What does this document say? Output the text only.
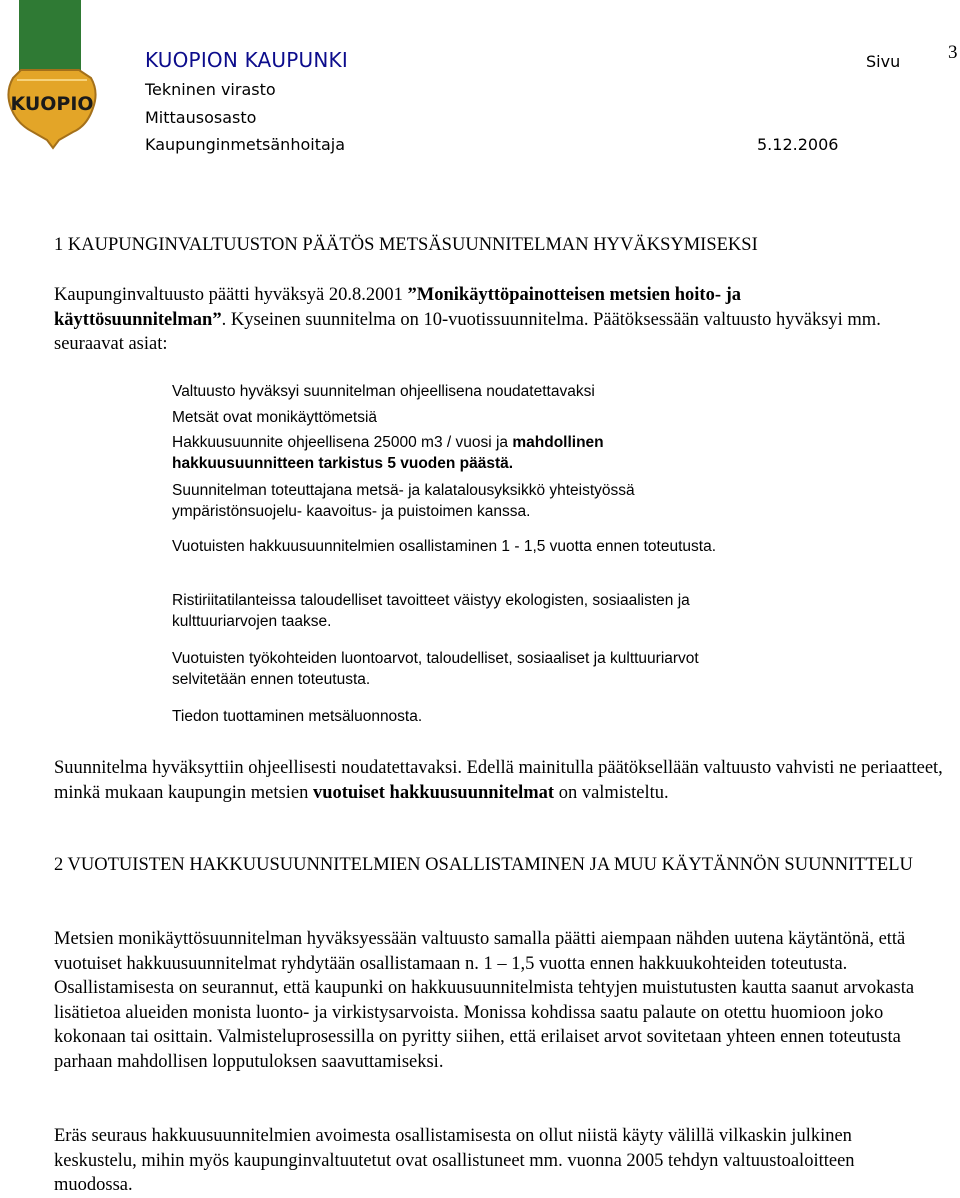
KUOPIO
KUOPION KAUPUNKI
Tekninen virasto
Mittausosasto
Kaupunginmetsänhoitaja	5.12.2006
Sivu	3
1 KAUPUNGINVALTUUSTON PÄÄTÖS METSÄSUUNNITELMAN HYVÄKSYMISEKSI
Kaupunginvaltuusto päätti hyväksyä 20.8.2001 ”Monikäyttöpainotteisen metsien hoito- ja käyttösuunnitelman”. Kyseinen suunnitelma on 10-vuotissuunnitelma. Päätöksessään valtuusto hyväksyi mm. seuraavat asiat:
Valtuusto hyväksyi suunnitelman ohjeellisena noudatettavaksi
Metsät ovat monikäyttömetsiä
Hakkuusuunnite ohjeellisena 25000 m3 / vuosi ja mahdollinen hakkuusuunnitteen tarkistus 5 vuoden päästä.
Suunnitelman toteuttajana metsä- ja kalatalousyksikkö yhteistyössä ympäristönsuojelu- kaavoitus- ja puistoimen kanssa.
Vuotuisten hakkuusuunnitelmien osallistaminen 1 - 1,5 vuotta ennen toteutusta.
Ristiriitatilanteissa taloudelliset tavoitteet väistyy ekologisten, sosiaalisten ja kulttuuriarvojen taakse.
Vuotuisten työkohteiden luontoarvot, taloudelliset, sosiaaliset ja kulttuuriarvot selvitetään ennen toteutusta.
Tiedon tuottaminen metsäluonnosta.
Suunnitelma hyväksyttiin ohjeellisesti noudatettavaksi. Edellä mainitulla päätöksellään valtuusto vahvisti ne periaatteet, minkä mukaan kaupungin metsien vuotuiset hakkuusuunnitelmat on valmisteltu.
2 VUOTUISTEN HAKKUUSUUNNITELMIEN OSALLISTAMINEN JA MUU KÄYTÄNNÖN SUUNNITTELU
Metsien monikäyttösuunnitelman hyväksyessään valtuusto samalla päätti aiempaan nähden uutena käytäntönä, että vuotuiset hakkuusuunnitelmat ryhdytään osallistamaan n. 1 – 1,5 vuotta ennen hakkuukohteiden toteutusta. Osallistamisesta on seurannut, että kaupunki on hakkuusuunnitelmista tehtyjen muistutusten kautta saanut arvokasta lisätietoa alueiden monista luonto- ja virkistysarvoista. Monissa kohdissa saatu palaute on otettu huomioon joko kokonaan tai osittain. Valmisteluprosessilla on pyritty siihen, että erilaiset arvot sovitetaan yhteen ennen toteutusta parhaan mahdollisen lopputuloksen saavuttamiseksi.
Eräs seuraus hakkuusuunnitelmien avoimesta osallistamisesta on ollut niistä käyty välillä vilkaskin julkinen keskustelu, mihin myös kaupunginvaltuutetut ovat osallistuneet mm. vuonna 2005 tehdyn valtuustoaloitteen muodossa.
